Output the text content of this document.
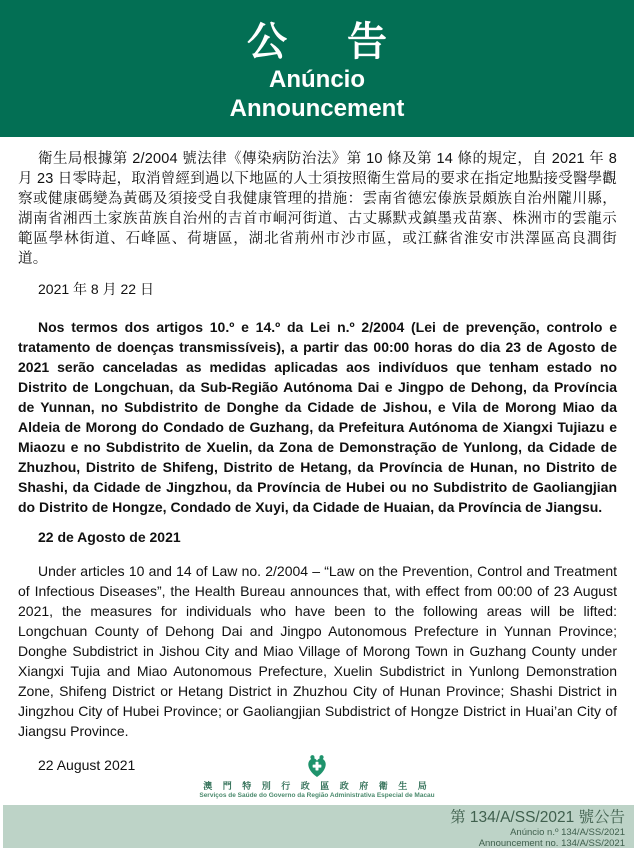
公　告
Anúncio
Announcement

衛生局根據第 2/2004 號法律《傳染病防治法》第 10 條及第 14 條的規定，自 2021 年 8 月 23 日零時起，取消曾經到過以下地區的人士須按照衛生當局的要求在指定地點接受醫學觀察或健康碼變為黃碼及須接受自我健康管理的措施：雲南省德宏傣族景頗族自治州隴川縣，湖南省湘西土家族苗族自治州的吉首市峒河街道、古丈縣默戎鎮墨戎苗寨、株洲市的雲龍示範區學林街道、石峰區、荷塘區，湖北省荊州市沙市區，或江蘇省淮安市洪澤區高良澗街道。

2021 年 8 月 22 日

Nos termos dos artigos 10.º e 14.º da Lei n.º 2/2004 (Lei de prevenção, controlo e tratamento de doenças transmissíveis), a partir das 00:00 horas do dia 23 de Agosto de 2021 serão canceladas as medidas aplicadas aos indivíduos que tenham estado no Distrito de Longchuan, da Sub-Região Autónoma Dai e Jingpo de Dehong, da Província de Yunnan, no Subdistrito de Donghe da Cidade de Jishou, e Vila de Morong Miao da Aldeia de Morong do Condado de Guzhang, da Prefeitura Autónoma de Xiangxi Tujiazu e Miaozu e no Subdistrito de Xuelin, da Zona de Demonstração de Yunlong, da Cidade de Zhuzhou, Distrito de Shifeng, Distrito de Hetang, da Província de Hunan, no Distrito de Shashi, da Cidade de Jingzhou, da Província de Hubei ou no Subdistrito de Gaoliangjian do Distrito de Hongze, Condado de Xuyi, da Cidade de Huaian, da Província de Jiangsu.

22 de Agosto de 2021

Under articles 10 and 14 of Law no. 2/2004 – “Law on the Prevention, Control and Treatment of Infectious Diseases”, the Health Bureau announces that, with effect from 00:00 of 23 August 2021, the measures for individuals who have been to the following areas will be lifted: Longchuan County of Dehong Dai and Jingpo Autonomous Prefecture in Yunnan Province; Donghe Subdistrict in Jishou City and Miao Village of Morong Town in Guzhang County under Xiangxi Tujia and Miao Autonomous Prefecture, Xuelin Subdistrict in Yunlong Demonstration Zone, Shifeng District or Hetang District in Zhuzhou City of Hunan Province; Shashi District in Jingzhou City of Hubei Province; or Gaoliangjian Subdistrict of Hongze District in Huai’an City of Jiangsu Province.

22 August 2021

澳 門 特 別 行 政 區 政 府 衛 生 局
Serviços de Saúde do Governo da Região Administrativa Especial de Macau
第 134/A/SS/2021 號公告
Anúncio n.º 134/A/SS/2021
Announcement no. 134/A/SS/2021
